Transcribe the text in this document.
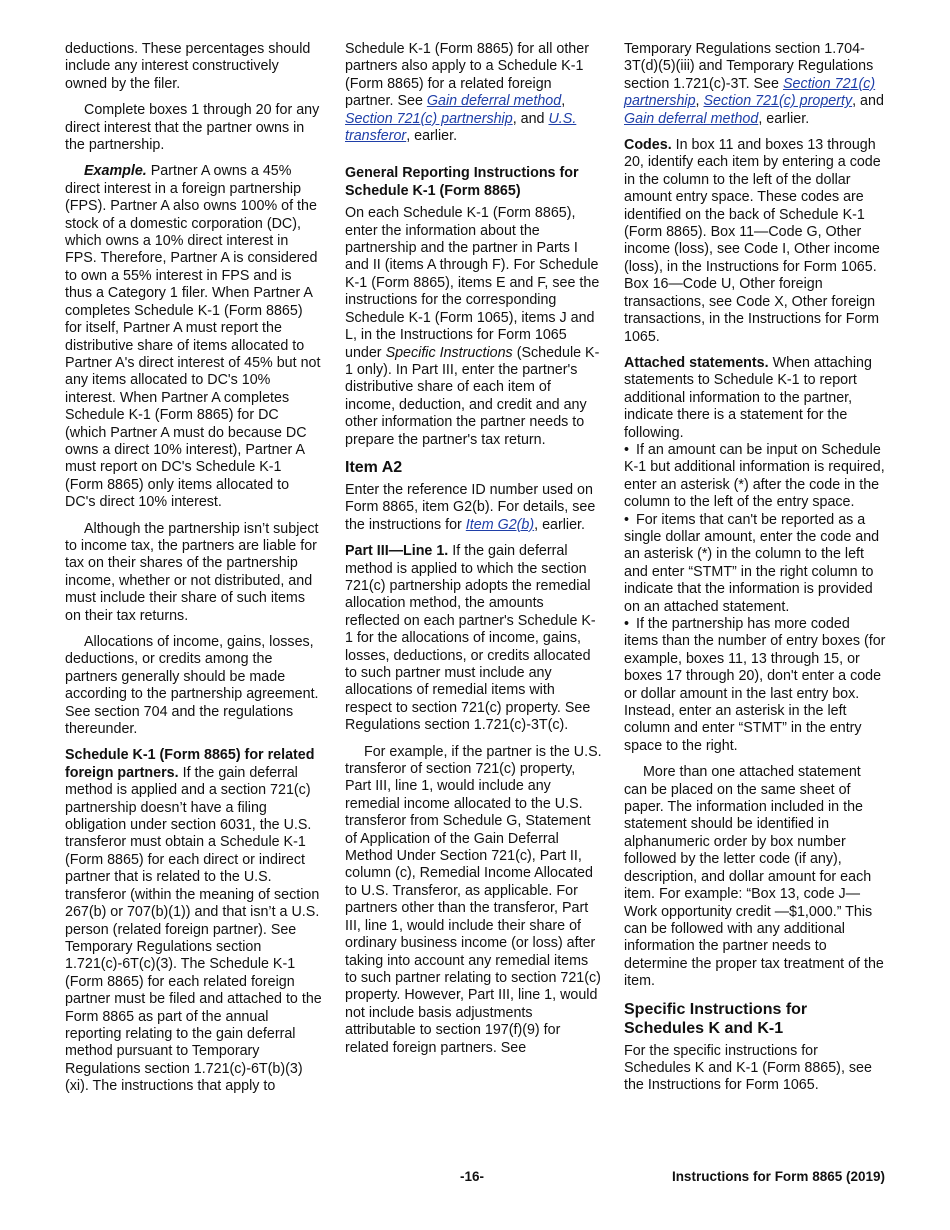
deductions. These percentages should include any interest constructively owned by the filer.

Complete boxes 1 through 20 for any direct interest that the partner owns in the partnership.

Example. Partner A owns a 45% direct interest in a foreign partnership (FPS). Partner A also owns 100% of the stock of a domestic corporation (DC), which owns a 10% direct interest in FPS. Therefore, Partner A is considered to own a 55% interest in FPS and is thus a Category 1 filer. When Partner A completes Schedule K-1 (Form 8865) for itself, Partner A must report the distributive share of items allocated to Partner A's direct interest of 45% but not any items allocated to DC's 10% interest. When Partner A completes Schedule K-1 (Form 8865) for DC (which Partner A must do because DC owns a direct 10% interest), Partner A must report on DC's Schedule K-1 (Form 8865) only items allocated to DC's direct 10% interest.

Although the partnership isn’t subject to income tax, the partners are liable for tax on their shares of the partnership income, whether or not distributed, and must include their share of such items on their tax returns.

Allocations of income, gains, losses, deductions, or credits among the partners generally should be made according to the partnership agreement. See section 704 and the regulations thereunder.

Schedule K-1 (Form 8865) for related foreign partners. If the gain deferral method is applied and a section 721(c) partnership doesn’t have a filing obligation under section 6031, the U.S. transferor must obtain a Schedule K-1 (Form 8865) for each direct or indirect partner that is related to the U.S. transferor (within the meaning of section 267(b) or 707(b)(1)) and that isn’t a U.S. person (related foreign partner). See Temporary Regulations section 1.721(c)-6T(c)(3). The Schedule K-1 (Form 8865) for each related foreign partner must be filed and attached to the Form 8865 as part of the annual reporting relating to the gain deferral method pursuant to Temporary Regulations section 1.721(c)-6T(b)(3)(xi). The instructions that apply to

Schedule K-1 (Form 8865) for all other partners also apply to a Schedule K-1 (Form 8865) for a related foreign partner. See Gain deferral method, Section 721(c) partnership, and U.S. transferor, earlier.

General Reporting Instructions for Schedule K-1 (Form 8865)

On each Schedule K-1 (Form 8865), enter the information about the partnership and the partner in Parts I and II (items A through F). For Schedule K-1 (Form 8865), items E and F, see the instructions for the corresponding Schedule K-1 (Form 1065), items J and L, in the Instructions for Form 1065 under Specific Instructions (Schedule K-1 only). In Part III, enter the partner's distributive share of each item of income, deduction, and credit and any other information the partner needs to prepare the partner's tax return.

Item A2

Enter the reference ID number used on Form 8865, item G2(b). For details, see the instructions for Item G2(b), earlier.

Part III—Line 1. If the gain deferral method is applied to which the section 721(c) partnership adopts the remedial allocation method, the amounts reflected on each partner's Schedule K-1 for the allocations of income, gains, losses, deductions, or credits allocated to such partner must include any allocations of remedial items with respect to section 721(c) property. See Regulations section 1.721(c)-3T(c).

For example, if the partner is the U.S. transferor of section 721(c) property, Part III, line 1, would include any remedial income allocated to the U.S. transferor from Schedule G, Statement of Application of the Gain Deferral Method Under Section 721(c), Part II, column (c), Remedial Income Allocated to U.S. Transferor, as applicable. For partners other than the transferor, Part III, line 1, would include their share of ordinary business income (or loss) after taking into account any remedial items to such partner relating to section 721(c) property. However, Part III, line 1, would not include basis adjustments attributable to section 197(f)(9) for related foreign partners. See

Temporary Regulations section 1.704-3T(d)(5)(iii) and Temporary Regulations section 1.721(c)-3T. See Section 721(c) partnership, Section 721(c) property, and Gain deferral method, earlier.

Codes. In box 11 and boxes 13 through 20, identify each item by entering a code in the column to the left of the dollar amount entry space. These codes are identified on the back of Schedule K-1 (Form 8865). Box 11—Code G, Other income (loss), see Code I, Other income (loss), in the Instructions for Form 1065. Box 16—Code U, Other foreign transactions, see Code X, Other foreign transactions, in the Instructions for Form 1065.

Attached statements. When attaching statements to Schedule K-1 to report additional information to the partner, indicate there is a statement for the following.

• If an amount can be input on Schedule K-1 but additional information is required, enter an asterisk (*) after the code in the column to the left of the entry space.

• For items that can't be reported as a single dollar amount, enter the code and an asterisk (*) in the column to the left and enter “STMT” in the right column to indicate that the information is provided on an attached statement.

• If the partnership has more coded items than the number of entry boxes (for example, boxes 11, 13 through 15, or boxes 17 through 20), don't enter a code or dollar amount in the last entry box. Instead, enter an asterisk in the left column and enter “STMT” in the entry space to the right.

More than one attached statement can be placed on the same sheet of paper. The information included in the statement should be identified in alphanumeric order by box number followed by the letter code (if any), description, and dollar amount for each item. For example: “Box 13, code J—Work opportunity credit —$1,000.” This can be followed with any additional information the partner needs to determine the proper tax treatment of the item.

Specific Instructions for Schedules K and K-1

For the specific instructions for Schedules K and K-1 (Form 8865), see the Instructions for Form 1065.

-16-	Instructions for Form 8865 (2019)
